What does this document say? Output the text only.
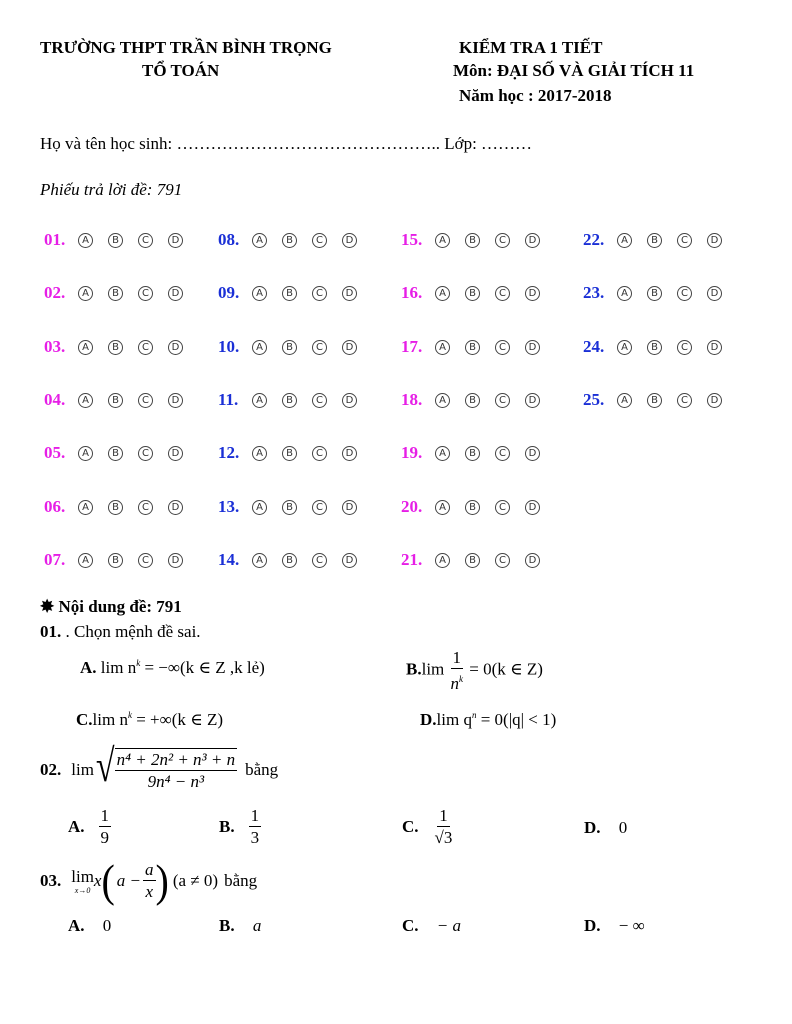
TRƯỜNG THPT TRẦN BÌNH TRỌNG
TỔ TOÁN
KIỂM TRA 1 TIẾT
Môn: ĐẠI SỐ VÀ GIẢI TÍCH 11
Năm học : 2017-2018
Họ và tên học sinh: ……………………………………….. Lớp: ………
Phiếu trả lời đề: 791
01.	A	B	C	D
02.	A	B	C	D
03.	A	B	C	D
04.	A	B	C	D
05.	A	B	C	D
06.	A	B	C	D
07.	A	B	C	D
08.	A	B	C	D
09.	A	B	C	D
10.	A	B	C	D
11.	A	B	C	D
12.	A	B	C	D
13.	A	B	C	D
14.	A	B	C	D
15.	A	B	C	D
16.	A	B	C	D
17.	A	B	C	D
18.	A	B	C	D
19.	A	B	C	D
20.	A	B	C	D
21.	A	B	C	D
22.	A	B	C	D
23.	A	B	C	D
24.	A	B	C	D
25.	A	B	C	D
✸ Nội dung đề: 791
01. . Chọn mệnh đề sai.
A. $\lim n^k = -\infty(k$ ∈ Z ,k lẻ)	$B.\lim \frac{1}{n^k} = 0(k$ ∈ Z)
C.lim $n^k = +\infty(k$ ∈ Z)	D.lim $q^n = 0(|q| < 1)$
02. lim √ $\frac{\text{n⁴ + 2n² + n³ + n}}{\text{9n⁴ − n³}}$ bằng
A. $\frac{1}{9}$	B. $\frac{1}{3}$	C. $\frac{1}{√3}$	D. 0
03. lim
x→0
x ( $a - \frac{a}{x}$ ) (a ≠ 0) bằng
A. 0	B. a	C. − a	D. − ∞
